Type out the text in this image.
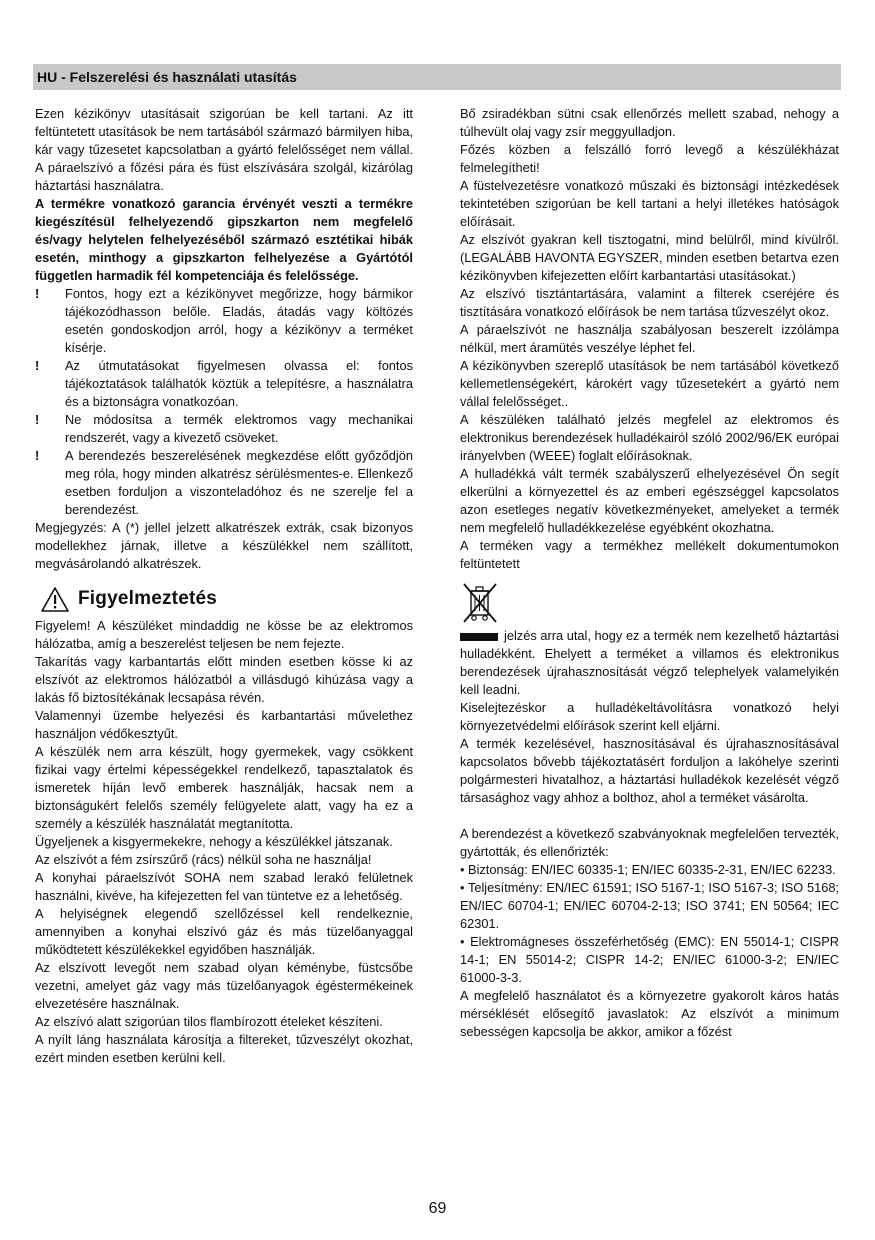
HU - Felszerelési és használati utasítás

Ezen kézikönyv utasításait szigorúan be kell tartani. Az itt feltüntetett utasítások be nem tartásából származó bármilyen hiba, kár vagy tűzesetet kapcsolatban a gyártó felelősséget nem vállal. A páraelszívó a főzési pára és füst elszívására szolgál, kizárólag háztartási használatra.

A termékre vonatkozó garancia érvényét veszti a termékre kiegészítésül felhelyezendő gipszkarton nem megfelelő és/vagy helytelen felhelyezéséből származó esztétikai hibák esetén, minthogy a gipszkarton felhelyezése a Gyártótól független harmadik fél kompetenciája és felelőssége.

! Fontos, hogy ezt a kézikönyvet megőrizze, hogy bármikor tájékozódhasson belőle. Eladás, átadás vagy költözés esetén gondoskodjon arról, hogy a kézikönyv a terméket kísérje.
! Az útmutatásokat figyelmesen olvassa el: fontos tájékoztatások találhatók köztük a telepítésre, a használatra és a biztonságra vonatkozóan.
! Ne módosítsa a termék elektromos vagy mechanikai rendszerét, vagy a kivezető csöveket.
! A berendezés beszerelésének megkezdése előtt győződjön meg róla, hogy minden alkatrész sérülésmentes-e. Ellenkező esetben forduljon a viszonteladóhoz és ne szerelje fel a berendezést.

Megjegyzés: A (*) jellel jelzett alkatrészek extrák, csak bizonyos modellekhez járnak, illetve a készülékkel nem szállított, megvásárolandó alkatrészek.

Figyelmeztetés

Figyelem! A készüléket mindaddig ne kösse be az elektromos hálózatba, amíg a beszerelést teljesen be nem fejezte.

Takarítás vagy karbantartás előtt minden esetben kösse ki az elszívót az elektromos hálózatból a villásdugó kihúzása vagy a lakás fő biztosítékának lecsapása révén.

Valamennyi üzembe helyezési és karbantartási művelethez használjon védőkesztyűt.

A készülék nem arra készült, hogy gyermekek, vagy csökkent fizikai vagy értelmi képességekkel rendelkező, tapasztalatok és ismeretek híján levő emberek használják, hacsak nem a biztonságukért felelős személy felügyelete alatt, vagy ha ez a személy a készülék használatát megtanította.

Ügyeljenek a kisgyermekekre, nehogy a készülékkel játszanak.

Az elszívót a fém zsírszűrő (rács) nélkül soha ne használja!

A konyhai páraelszívót SOHA nem szabad lerakó felületnek használni, kivéve, ha kifejezetten fel van tüntetve ez a lehetőség.

A helyiségnek elegendő szellőzéssel kell rendelkeznie, amennyiben a konyhai elszívó gáz és más tüzelőanyaggal működtetett készülékekkel egyidőben használják.

Az elszívott levegőt nem szabad olyan kéménybe, füstcsőbe vezetni, amelyet gáz vagy más tüzelőanyagok égéstermékeinek elvezetésére használnak.

Az elszívó alatt szigorúan tilos flambírozott ételeket készíteni.

A nyílt láng használata károsítja a filtereket, tűzveszélyt okozhat, ezért minden esetben kerülni kell.

Bő zsiradékban sütni csak ellenőrzés mellett szabad, nehogy a túlhevült olaj vagy zsír meggyulladjon.

Főzés közben a felszálló forró levegő a készülékházat felmelegítheti!

A füstelvezetésre vonatkozó műszaki és biztonsági intézkedések tekintetében szigorúan be kell tartani a helyi illetékes hatóságok előírásait.

Az elszívót gyakran kell tisztogatni, mind belülről, mind kívülről. (LEGALÁBB HAVONTA EGYSZER, minden esetben betartva ezen kézikönyvben kifejezetten előírt karbantartási utasításokat.)

Az elszívó tisztántartására, valamint a filterek cseréjére és tisztítására vonatkozó előírások be nem tartása tűzveszélyt okoz.

A páraelszívót ne használja szabályosan beszerelt izzólámpa nélkül, mert áramütés veszélye léphet fel.

A kézikönyvben szereplő utasítások be nem tartásából következő kellemetlenségekért, károkért vagy tűzesetekért a gyártó nem vállal felelősséget..

A készüléken található jelzés megfelel az elektromos és elektronikus berendezések hulladékairól szóló 2002/96/EK európai irányelvben (WEEE) foglalt előírásoknak.

A hulladékká vált termék szabályszerű elhelyezésével Ön segít elkerülni a környezettel és az emberi egészséggel kapcsolatos azon esetleges negatív következményeket, amelyeket a termék nem megfelelő hulladékkezelése egyébként okozhatna.

A terméken vagy a termékhez mellékelt dokumentumokon feltüntetett

jelzés arra utal, hogy ez a termék nem kezelhető háztartási hulladékként. Ehelyett a terméket a villamos és elektronikus berendezések újrahasznosítását végző telephelyek valamelyikén kell leadni.

Kiselejtezéskor a hulladékeltávolításra vonatkozó helyi környezetvédelmi előírások szerint kell eljárni.

A termék kezelésével, hasznosításával és újrahasznosításával kapcsolatos bővebb tájékoztatásért forduljon a lakóhelye szerinti polgármesteri hivatalhoz, a háztartási hulladékok kezelését végző társasághoz vagy ahhoz a bolthoz, ahol a terméket vásárolta.

A berendezést a következő szabványoknak megfelelően tervezték, gyártották, és ellenőrizték:

• Biztonság: EN/IEC 60335-1; EN/IEC 60335-2-31, EN/IEC 62233.

• Teljesítmény: EN/IEC 61591; ISO 5167-1; ISO 5167-3; ISO 5168; EN/IEC 60704-1; EN/IEC 60704-2-13; ISO 3741; EN 50564; IEC 62301.

• Elektromágneses összeférhetőség (EMC): EN 55014-1; CISPR 14-1; EN 55014-2; CISPR 14-2; EN/IEC 61000-3-2; EN/IEC 61000-3-3.

A megfelelő használatot és a környezetre gyakorolt káros hatás mérséklését elősegítő javaslatok: Az elszívót a minimum sebességen kapcsolja be akkor, amikor a főzést

69
